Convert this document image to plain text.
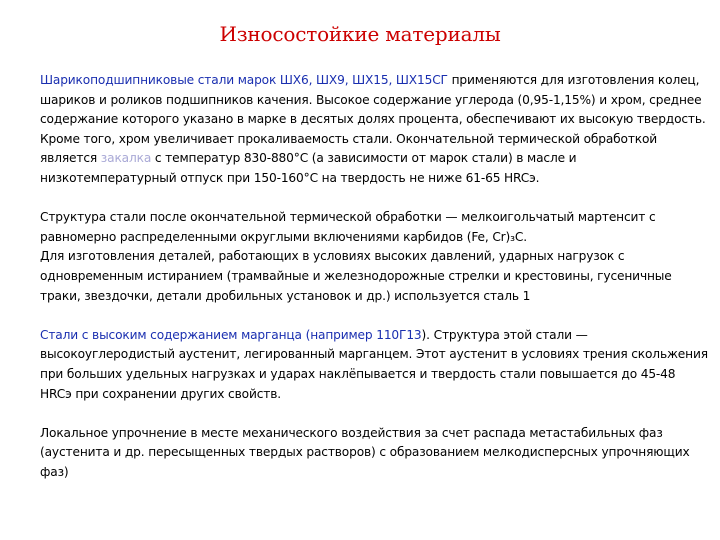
Износостойкие материалы

Шарикоподшипниковые стали марок ШХ6, ШХ9, ШХ15, ШХ15СГ применяются для изготовления колец, шариков и роликов подшипников качения. Высокое содержание углерода (0,95-1,15%) и хром, среднее содержание которого указано в марке в десятых долях процента, обеспечивают их высокую твердость. Кроме того, хром увеличивает прокаливаемость стали. Окончательной термической обработкой является закалка с температур 830-880°С (а зависимости от марок стали) в масле и низкотемпературный отпуск при 150-160°С на твердость не ниже 61-65 HRCэ.

Структура стали после окончательной термической обработки — мелкоигольчатый мартенсит с равномерно распределенными округлыми включениями карбидов (Fe, Cr)₃С.

Для изготовления деталей, работающих в условиях высоких давлений, ударных нагрузок с одновременным истиранием (трамвайные и железнодорожные стрелки и крестовины, гусеничные траки, звездочки, детали дробильных установок и др.) используется сталь 1

Стали с высоким содержанием марганца (например 110Г13). Структура этой стали — высокоуглеродистый аустенит, легированный марганцем. Этот аустенит в условиях трения скольжения при больших удельных нагрузках и ударах наклёпывается и твердость стали повышается до 45-48 HRCэ при сохранении других свойств.

Локальное упрочнение в месте механического воздействия за счет распада метастабильных фаз (аустенита и др. пересыщенных твердых растворов) с образованием мелкодисперсных упрочняющих фаз)
